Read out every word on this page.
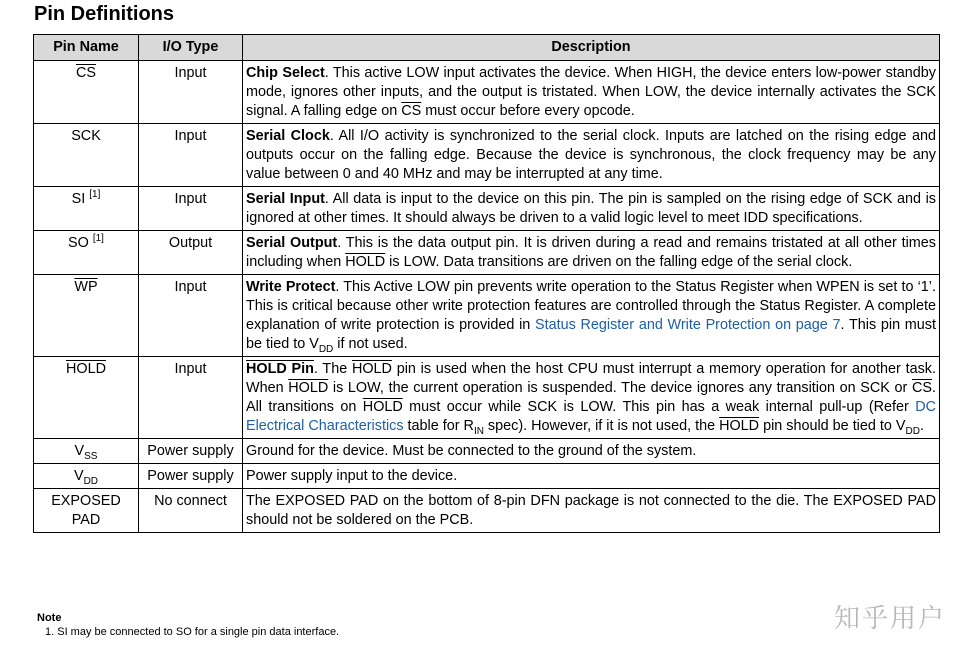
Pin Definitions
Pin Name	I/O Type	Description
$\overline{CS}$	Input	Chip Select. This active LOW input activates the device. When HIGH, the device enters low-power standby mode, ignores other inputs, and the output is tristated. When LOW, the device internally activates the SCK signal. A falling edge on $\overline{CS}$ must occur before every opcode.
SCK	Input	Serial Clock. All I/O activity is synchronized to the serial clock. Inputs are latched on the rising edge and outputs occur on the falling edge. Because the device is synchronous, the clock frequency may be any value between 0 and 40 MHz and may be interrupted at any time.
SI [1]	Input	Serial Input. All data is input to the device on this pin. The pin is sampled on the rising edge of SCK and is ignored at other times. It should always be driven to a valid logic level to meet IDD specifications.
SO [1]	Output	Serial Output. This is the data output pin. It is driven during a read and remains tristated at all other times including when HOLD is LOW. Data transitions are driven on the falling edge of the serial clock.
$\overline{WP}$	Input	Write Protect. This Active LOW pin prevents write operation to the Status Register when WPEN is set to ‘1’. This is critical because other write protection features are controlled through the Status Register. A complete explanation of write protection is provided in Status Register and Write Protection on page 7. This pin must be tied to $V_{DD}$ if not used.
HOLD	Input	HOLD Pin. The HOLD pin is used when the host CPU must interrupt a memory operation for another task. When HOLD is LOW, the current operation is suspended. The device ignores any transition on SCK or $\overline{CS}$. All transitions on HOLD must occur while SCK is LOW. This pin has a weak internal pull-up (Refer DC Electrical Characteristics table for $R_{IN}$ spec). However, if it is not used, the HOLD pin should be tied to $V_{DD}$.
$V_{SS}$	Power supply	Ground for the device. Must be connected to the ground of the system.
$V_{DD}$	Power supply	Power supply input to the device.
EXPOSED
PAD	No connect	The EXPOSED PAD on the bottom of 8-pin DFN package is not connected to the die. The EXPOSED PAD should not be soldered on the PCB.
Note
1. SI may be connected to SO for a single pin data interface.	知乎用户
